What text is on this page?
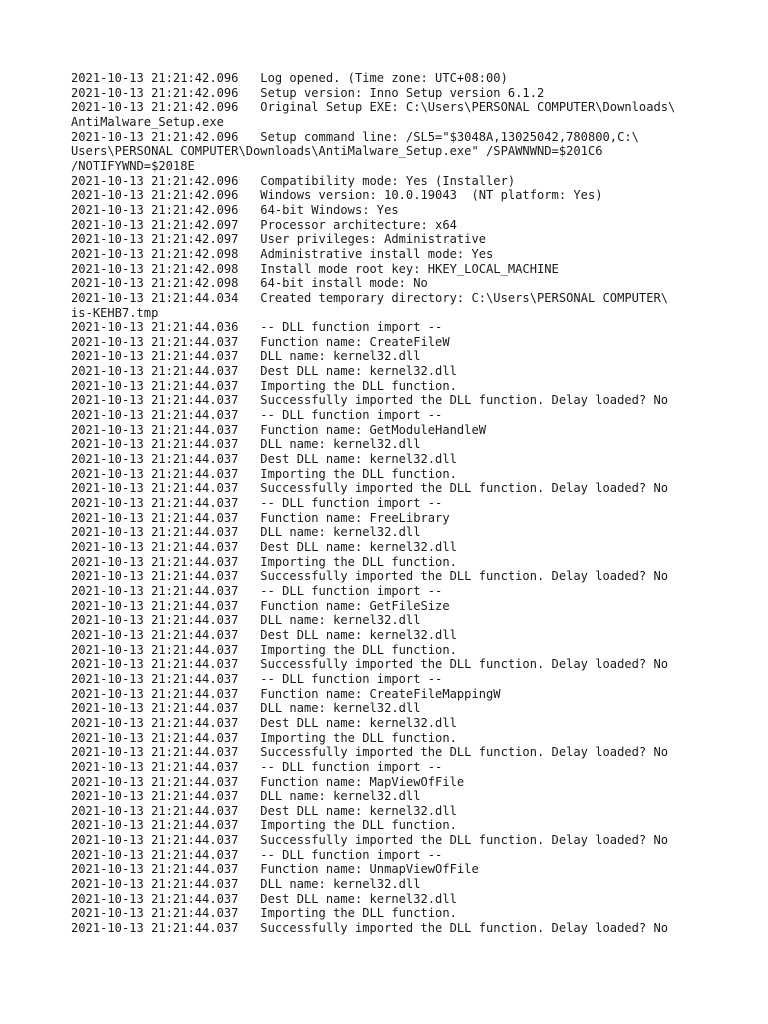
2021-10-13 21:21:42.096   Log opened. (Time zone: UTC+08:00)
2021-10-13 21:21:42.096   Setup version: Inno Setup version 6.1.2
2021-10-13 21:21:42.096   Original Setup EXE: C:\Users\PERSONAL COMPUTER\Downloads\
AntiMalware_Setup.exe
2021-10-13 21:21:42.096   Setup command line: /SL5="$3048A,13025042,780800,C:\
Users\PERSONAL COMPUTER\Downloads\AntiMalware_Setup.exe" /SPAWNWND=$201C6
/NOTIFYWND=$2018E
2021-10-13 21:21:42.096   Compatibility mode: Yes (Installer)
2021-10-13 21:21:42.096   Windows version: 10.0.19043  (NT platform: Yes)
2021-10-13 21:21:42.096   64-bit Windows: Yes
2021-10-13 21:21:42.097   Processor architecture: x64
2021-10-13 21:21:42.097   User privileges: Administrative
2021-10-13 21:21:42.098   Administrative install mode: Yes
2021-10-13 21:21:42.098   Install mode root key: HKEY_LOCAL_MACHINE
2021-10-13 21:21:42.098   64-bit install mode: No
2021-10-13 21:21:44.034   Created temporary directory: C:\Users\PERSONAL COMPUTER\
is-KEHB7.tmp
2021-10-13 21:21:44.036   -- DLL function import --
2021-10-13 21:21:44.037   Function name: CreateFileW
2021-10-13 21:21:44.037   DLL name: kernel32.dll
2021-10-13 21:21:44.037   Dest DLL name: kernel32.dll
2021-10-13 21:21:44.037   Importing the DLL function.
2021-10-13 21:21:44.037   Successfully imported the DLL function. Delay loaded? No
2021-10-13 21:21:44.037   -- DLL function import --
2021-10-13 21:21:44.037   Function name: GetModuleHandleW
2021-10-13 21:21:44.037   DLL name: kernel32.dll
2021-10-13 21:21:44.037   Dest DLL name: kernel32.dll
2021-10-13 21:21:44.037   Importing the DLL function.
2021-10-13 21:21:44.037   Successfully imported the DLL function. Delay loaded? No
2021-10-13 21:21:44.037   -- DLL function import --
2021-10-13 21:21:44.037   Function name: FreeLibrary
2021-10-13 21:21:44.037   DLL name: kernel32.dll
2021-10-13 21:21:44.037   Dest DLL name: kernel32.dll
2021-10-13 21:21:44.037   Importing the DLL function.
2021-10-13 21:21:44.037   Successfully imported the DLL function. Delay loaded? No
2021-10-13 21:21:44.037   -- DLL function import --
2021-10-13 21:21:44.037   Function name: GetFileSize
2021-10-13 21:21:44.037   DLL name: kernel32.dll
2021-10-13 21:21:44.037   Dest DLL name: kernel32.dll
2021-10-13 21:21:44.037   Importing the DLL function.
2021-10-13 21:21:44.037   Successfully imported the DLL function. Delay loaded? No
2021-10-13 21:21:44.037   -- DLL function import --
2021-10-13 21:21:44.037   Function name: CreateFileMappingW
2021-10-13 21:21:44.037   DLL name: kernel32.dll
2021-10-13 21:21:44.037   Dest DLL name: kernel32.dll
2021-10-13 21:21:44.037   Importing the DLL function.
2021-10-13 21:21:44.037   Successfully imported the DLL function. Delay loaded? No
2021-10-13 21:21:44.037   -- DLL function import --
2021-10-13 21:21:44.037   Function name: MapViewOfFile
2021-10-13 21:21:44.037   DLL name: kernel32.dll
2021-10-13 21:21:44.037   Dest DLL name: kernel32.dll
2021-10-13 21:21:44.037   Importing the DLL function.
2021-10-13 21:21:44.037   Successfully imported the DLL function. Delay loaded? No
2021-10-13 21:21:44.037   -- DLL function import --
2021-10-13 21:21:44.037   Function name: UnmapViewOfFile
2021-10-13 21:21:44.037   DLL name: kernel32.dll
2021-10-13 21:21:44.037   Dest DLL name: kernel32.dll
2021-10-13 21:21:44.037   Importing the DLL function.
2021-10-13 21:21:44.037   Successfully imported the DLL function. Delay loaded? No
